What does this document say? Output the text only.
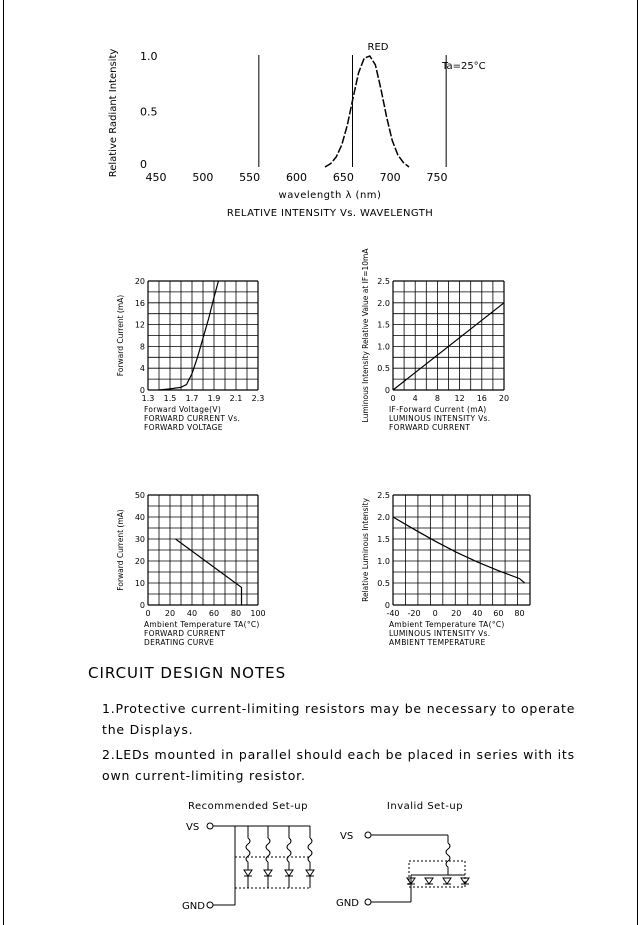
450 500 550 600 650 700 750
0
0.5
1.0
wavelength λ (nm)
Relative Radiant Intensity
RELATIVE INTENSITY Vs. WAVELENGTH
RED
Ta=25°C
1.3 1.5 1.7 1.9 2.1 2.3
0
4
8
12
16
20
Forward Voltage(V)
Forward Current (mA)
FORWARD CURRENT Vs. FORWARD VOLTAGE
0 4 8 12 16 20
0
0.5
1.0
1.5
2.0
2.5
IF-Forward Current (mA)
Luminous Intensity Relative Value at IF=10mA	LUMINOUS INTENSITY Vs. FORWARD CURRENT
0 20 40 60 80 100
0
10
20
30
40
50
Ambient Temperature TA(°C)
Forward Current (mA)
FORWARD CURRENT DERATING CURVE
-40 -20 0 20 40 60 80
0
0.5
1.0
1.5
2.0
2.5
Ambient Temperature TA(°C)
Relative Luminous Intensity
LUMINOUS INTENSITY Vs. AMBIENT TEMPERATURE
CIRCUIT DESIGN NOTES
1.Protective current-limiting resistors may be necessary to operate the Displays.
2.LEDs mounted in parallel should each be placed in series with its own current-limiting resistor.
Recommended Set-up	Invalid Set-up
VS
GND
VS
GND
